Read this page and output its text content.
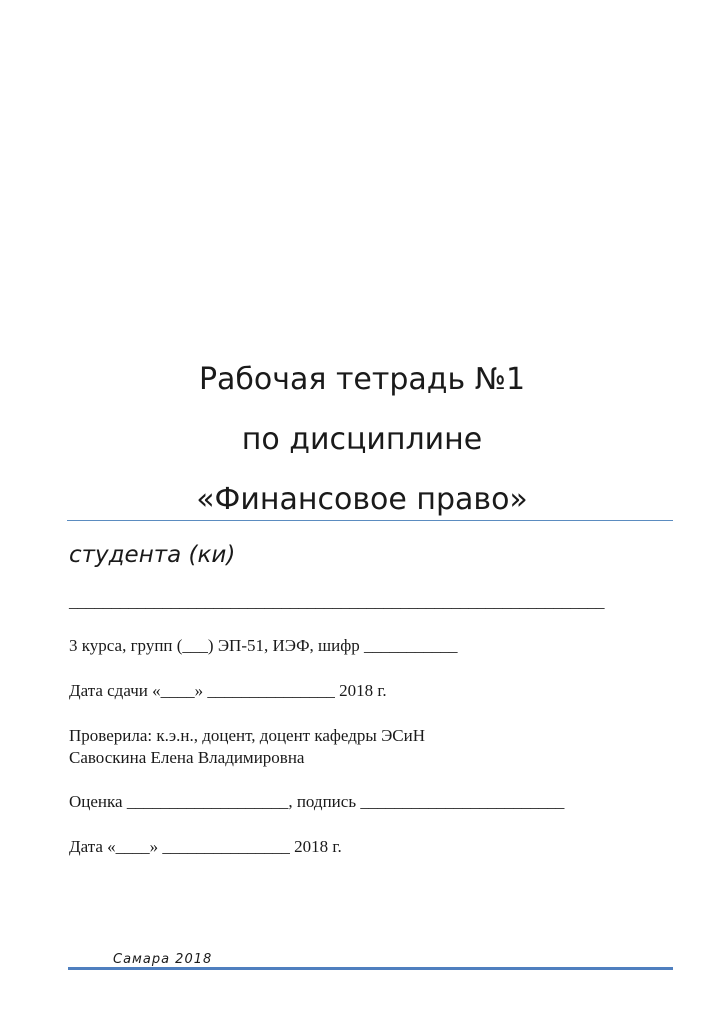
Рабочая тетрадь №1
по дисциплине
«Финансовое право»
студента (ки)
_______________________________________________________________
3 курса, групп (___) ЭП-51, ИЭФ, шифр ___________
Дата сдачи «____» _______________ 2018 г.
Проверила: к.э.н., доцент, доцент кафедры ЭСиН
Савоскина Елена Владимировна
Оценка ___________________, подпись ________________________
Дата «____» _______________ 2018 г.
Самара 2018
